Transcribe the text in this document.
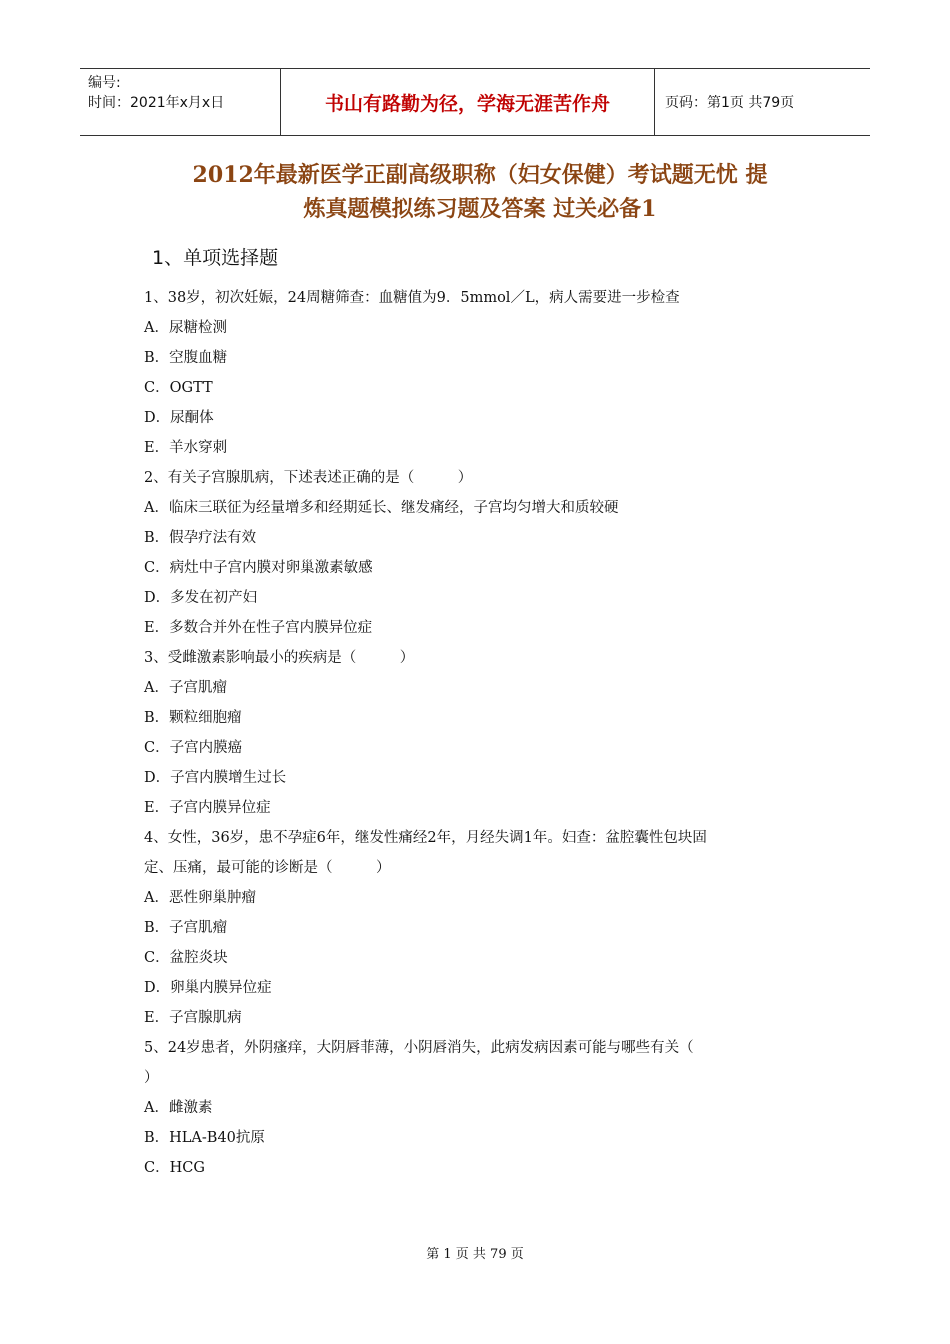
编号:
时间：2021年x月x日	书山有路勤为径，学海无涯苦作舟	页码：第1页 共79页
2012年最新医学正副高级职称（妇女保健）考试题无忧 提
炼真题模拟练习题及答案 过关必备1
1、单项选择题

1、38岁，初次妊娠，24周糖筛查：血糖值为9．5mmol／L，病人需要进一步检查

A．尿糖检测

B．空腹血糖

C．OGTT

D．尿酮体

E．羊水穿刺

2、有关子宫腺肌病，下述表述正确的是（　　　）

A．临床三联征为经量增多和经期延长、继发痛经，子宫均匀增大和质较硬

B．假孕疗法有效

C．病灶中子宫内膜对卵巢激素敏感

D．多发在初产妇

E．多数合并外在性子宫内膜异位症

3、受雌激素影响最小的疾病是（　　　）

A．子宫肌瘤

B．颗粒细胞瘤

C．子宫内膜癌

D．子宫内膜增生过长

E．子宫内膜异位症

4、女性，36岁，患不孕症6年，继发性痛经2年，月经失调1年。妇查：盆腔囊性包块固

定、压痛，最可能的诊断是（　　　）

A．恶性卵巢肿瘤

B．子宫肌瘤

C．盆腔炎块

D．卵巢内膜异位症

E．子宫腺肌病

5、24岁患者，外阴瘙痒，大阴唇菲薄，小阴唇消失，此病发病因素可能与哪些有关（

）

A．雌激素

B．HLA-B40抗原

C．HCG

第 1 页 共 79 页
